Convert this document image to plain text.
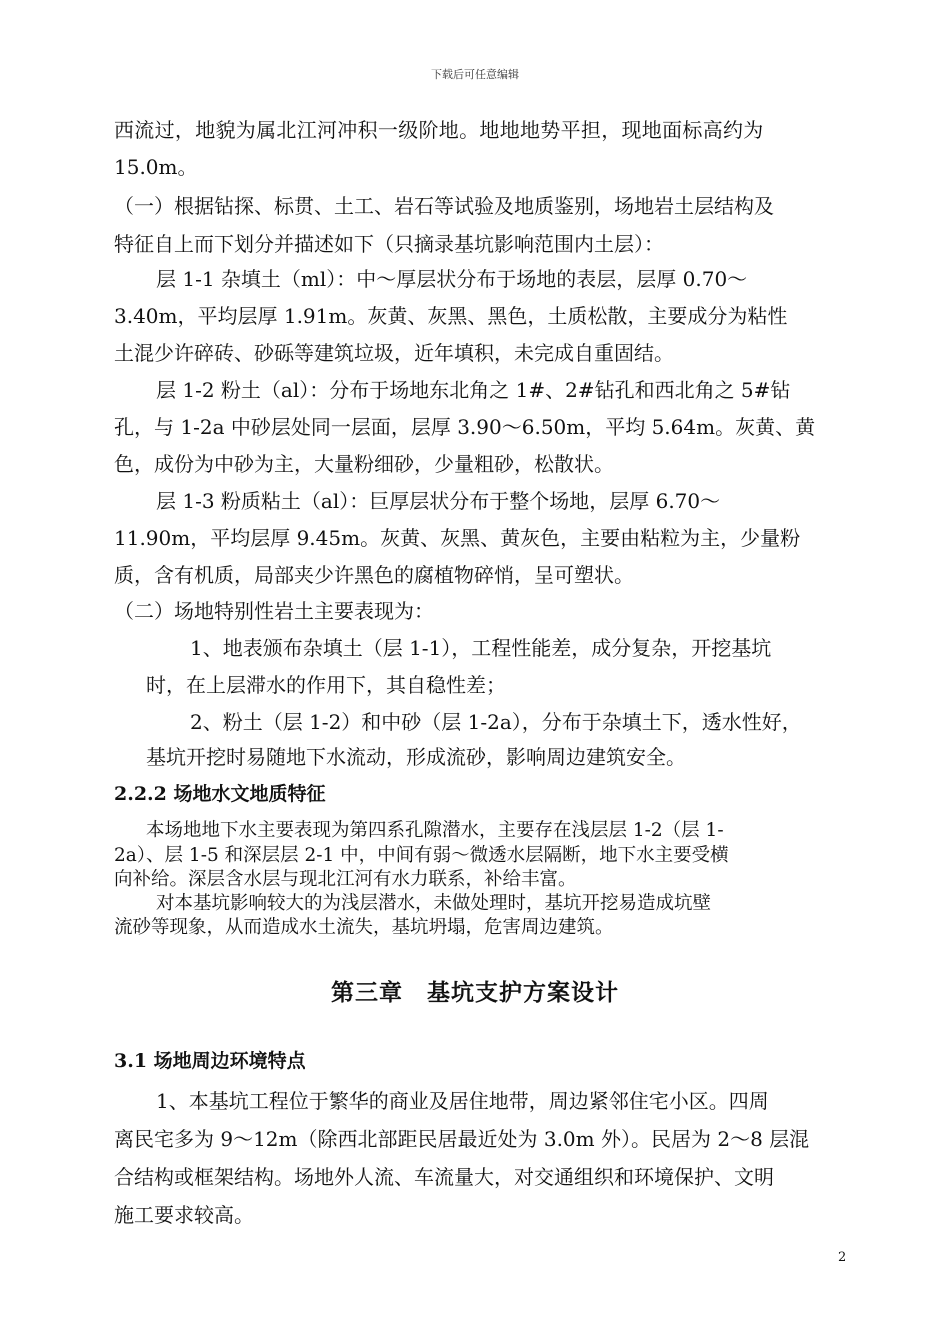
下载后可任意编辑
西流过，地貌为属北江河冲积一级阶地。地地地势平担，现地面标高约为
15.0m。
（一）根据钻探、标贯、土工、岩石等试验及地质鉴别，场地岩土层结构及
特征自上而下划分并描述如下（只摘录基坑影响范围内土层）：
层 1-1 杂填土（ml）：中～厚层状分布于场地的表层，层厚 0.70～
3.40m，平均层厚 1.91m。灰黄、灰黑、黑色，土质松散，主要成分为粘性
土混少许碎砖、砂砾等建筑垃圾，近年填积，未完成自重固结。
层 1-2 粉土（al）：分布于场地东北角之 1#、2#钻孔和西北角之 5#钻
孔，与 1-2a 中砂层处同一层面，层厚 3.90～6.50m，平均 5.64m。灰黄、黄
色，成份为中砂为主，大量粉细砂，少量粗砂，松散状。
层 1-3 粉质粘土（al）：巨厚层状分布于整个场地，层厚 6.70～
11.90m，平均层厚 9.45m。灰黄、灰黑、黄灰色，主要由粘粒为主，少量粉
质，含有机质，局部夹少许黑色的腐植物碎悄，呈可塑状。
（二）场地特别性岩土主要表现为：
1、地表颁布杂填土（层 1-1），工程性能差，成分复杂，开挖基坑
时，在上层滞水的作用下，其自稳性差；
2、粉土（层 1-2）和中砂（层 1-2a），分布于杂填土下，透水性好，
基坑开挖时易随地下水流动，形成流砂，影响周边建筑安全。
2.2.2 场地水文地质特征
本场地地下水主要表现为第四系孔隙潜水，主要存在浅层层 1-2（层 1-
2a）、层 1-5 和深层层 2-1 中，中间有弱～微透水层隔断，地下水主要受横
向补给。深层含水层与现北江河有水力联系，补给丰富。
对本基坑影响较大的为浅层潜水，未做处理时，基坑开挖易造成坑壁
流砂等现象，从而造成水土流失，基坑坍塌，危害周边建筑。
第三章　基坑支护方案设计
3.1 场地周边环境特点
1、本基坑工程位于繁华的商业及居住地带，周边紧邻住宅小区。四周
离民宅多为 9～12m（除西北部距民居最近处为 3.0m 外）。民居为 2～8 层混
合结构或框架结构。场地外人流、车流量大，对交通组织和环境保护、文明
施工要求较高。
2
